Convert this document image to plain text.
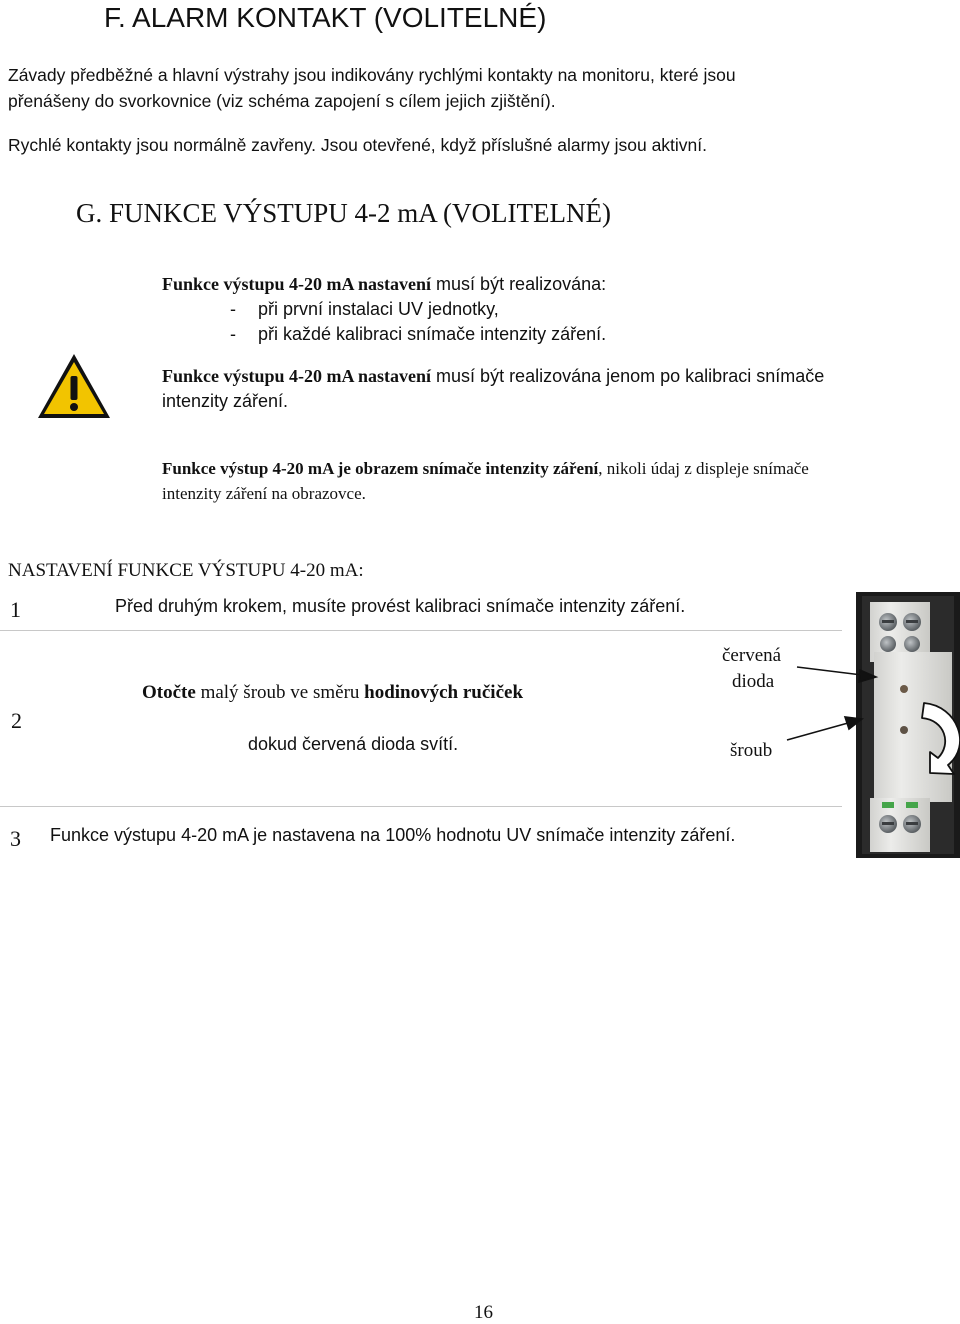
F. ALARM KONTAKT (VOLITELNÉ)
Závady předběžné a hlavní výstrahy jsou indikovány rychlými kontakty na monitoru, které jsou
přenášeny do svorkovnice (viz schéma zapojení s cílem jejich zjištění).
Rychlé kontakty jsou normálně zavřeny. Jsou otevřené, když příslušné alarmy jsou aktivní.
G. FUNKCE VÝSTUPU 4-2 mA (VOLITELNÉ)
Funkce výstupu 4-20 mA nastavení musí být realizována:
- při první instalaci UV jednotky,
- při každé kalibraci snímače intenzity záření.
Funkce výstupu 4-20 mA nastavení musí být realizována jenom po kalibraci snímače
intenzity záření.
Funkce výstup 4-20 mA je obrazem snímače intenzity záření, nikoli údaj z displeje snímače
intenzity záření na obrazovce.
NASTAVENÍ FUNKCE VÝSTUPU 4-20 mA:
1	Před druhým krokem, musíte provést kalibraci snímače intenzity záření.
2
Otočte malý šroub ve směru hodinových ručiček
dokud červená dioda svítí.
červená
dioda
šroub
3 Funkce výstupu 4-20 mA je nastavena na 100% hodnotu UV snímače intenzity záření.
16
